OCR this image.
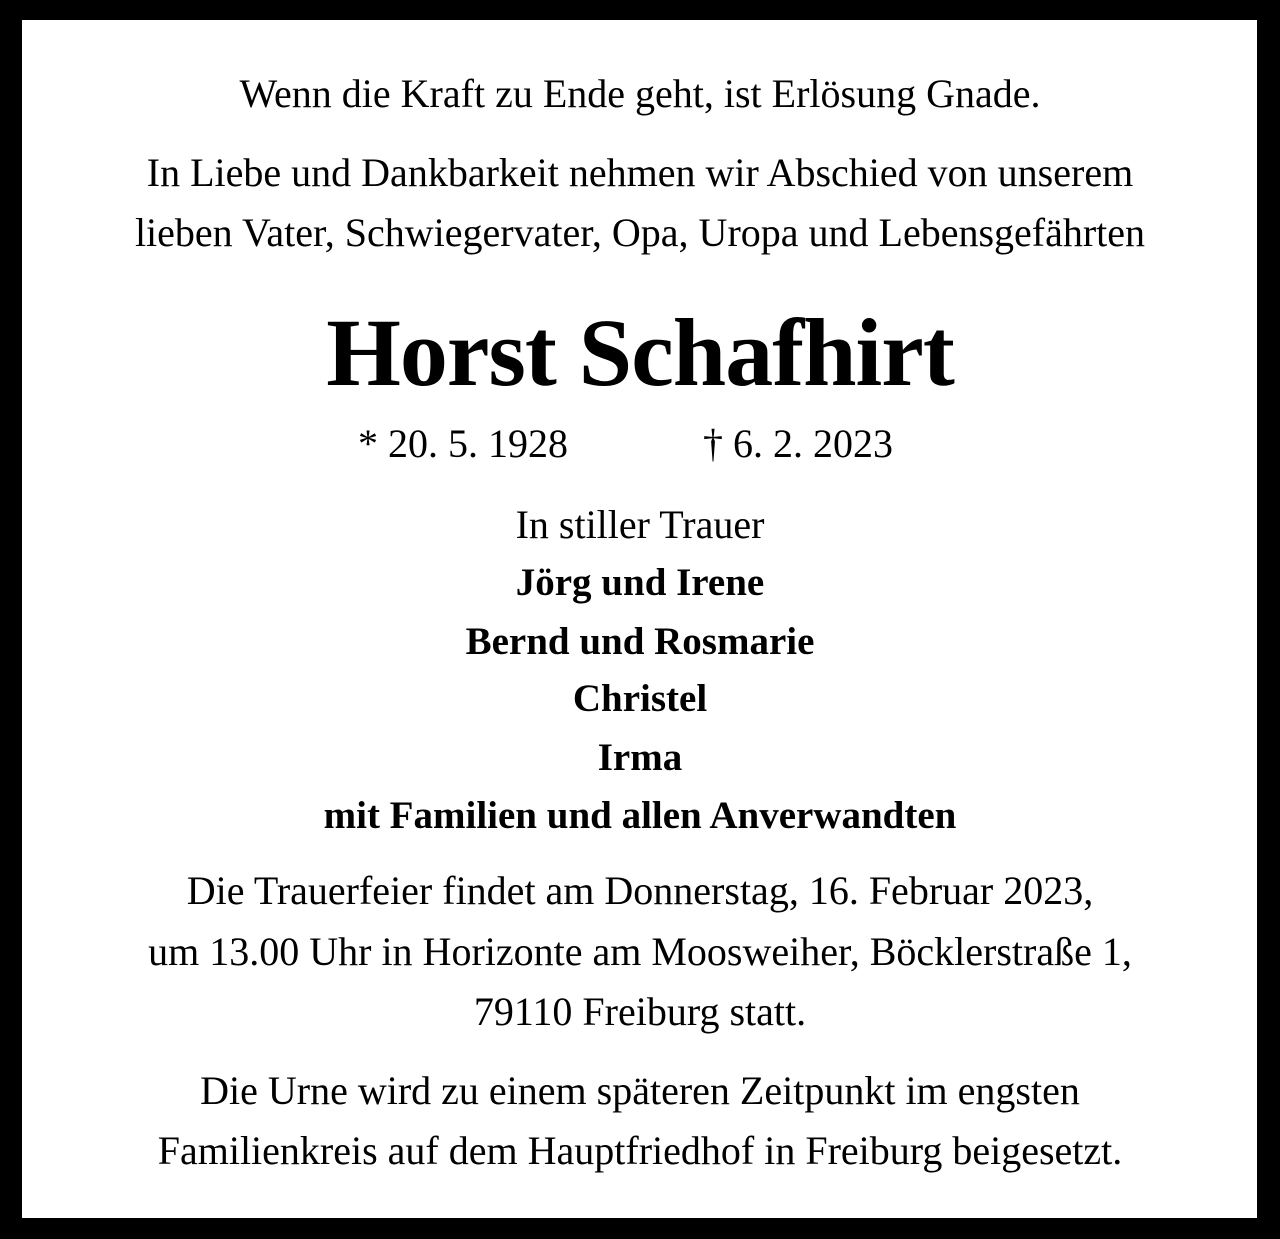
Wenn die Kraft zu Ende geht, ist Erlösung Gnade.

In Liebe und Dankbarkeit nehmen wir Abschied von unserem

lieben Vater, Schwiegervater, Opa, Uropa und Lebensgefährten

Horst Schafhirt
* 20. 5. 1928	† 6. 2. 2023

In stiller Trauer

Jörg und Irene

Bernd und Rosmarie

Christel

Irma

mit Familien und allen Anverwandten

Die Trauerfeier findet am Donnerstag, 16. Februar 2023,

um 13.00 Uhr in Horizonte am Moosweiher, Böcklerstraße 1,

79110 Freiburg statt.

Die Urne wird zu einem späteren Zeitpunkt im engsten

Familienkreis auf dem Hauptfriedhof in Freiburg beigesetzt.
